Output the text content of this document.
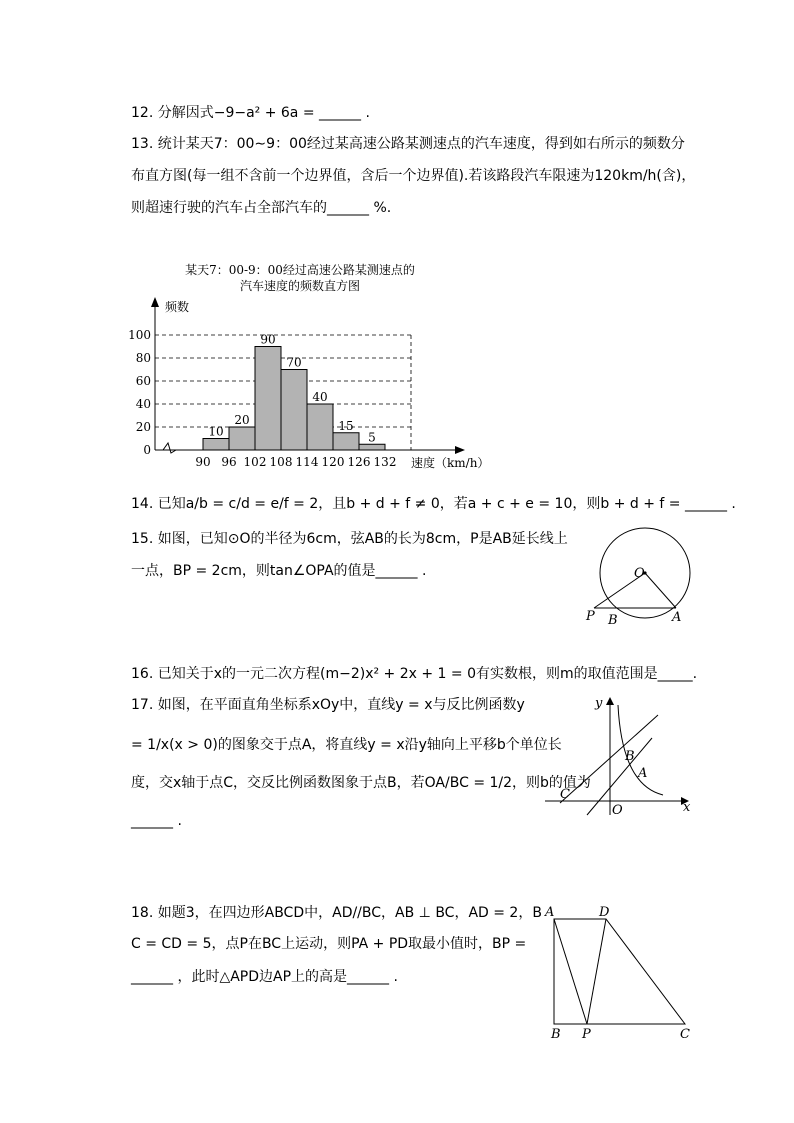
12. 分解因式−9−a² + 6a = ______ .
13. 统计某天7：00∼9：00经过某高速公路某测速点的汽车速度，得到如右所示的频数分
布直方图(每一组不含前一个边界值，含后一个边界值).若该路段汽车限速为120km/h(含)，
则超速行驶的汽车占全部汽车的______ %.
某天7：00-9：00经过高速公路某测速点的
汽车速度的频数直方图
0
20
40
60
80
100
10
20
90
70
40
15
5
90 96 102 108 114 120 126 132
频数
速度（km/h）
14. 已知a/b = c/d = e/f = 2，且b + d + f ≠ 0，若a + c + e = 10，则b + d + f = ______ .
15. 如图，已知⊙O的半径为6cm，弦AB的长为8cm，P是AB延长线上
一点，BP = 2cm，则tan∠OPA的值是______ .	O
P B	A
16. 已知关于x的一元二次方程(m−2)x² + 2x + 1 = 0有实数根，则m的取值范围是_____.
17. 如图，在平面直角坐标系xOy中，直线y = x与反比例函数y
= 1/x(x > 0)的图象交于点A，将直线y = x沿y轴向上平移b个单位长
度，交x轴于点C，交反比例函数图象于点B，若OA/BC = 1/2，则b的值为
______ .
y
x
O
A
B
C
18. 如题3，在四边形ABCD中，AD//BC，AB ⊥ BC，AD = 2，B
C = CD = 5，点P在BC上运动，则PA + PD取最小值时，BP =
______ ，此时△APD边AP上的高是______ .
A	D
B P	C
